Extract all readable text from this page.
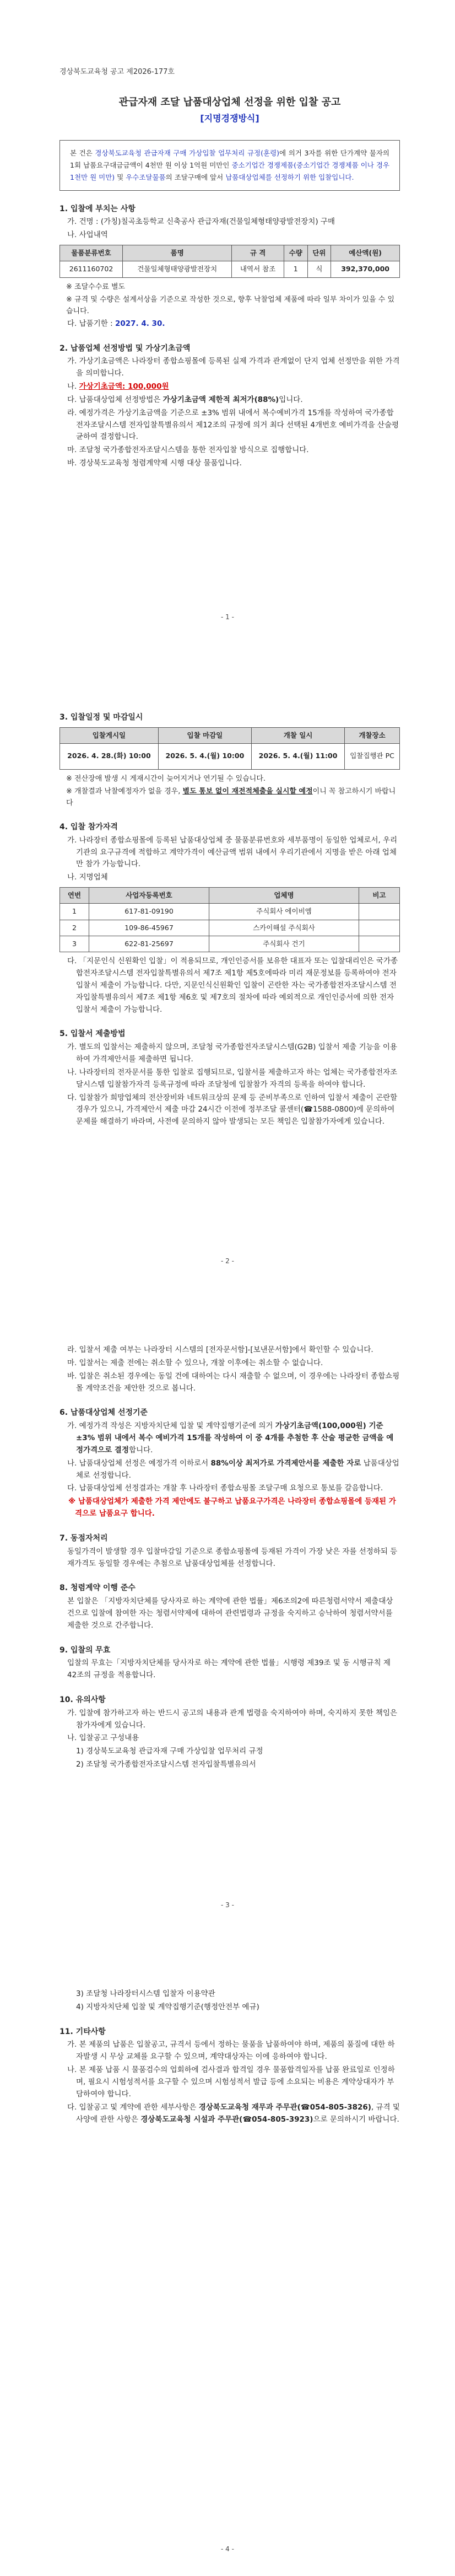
경상북도교육청 공고 제2026-177호
관급자재 조달 납품대상업체 선정을 위한 입찰 공고
[지명경쟁방식]
본 건은 경상북도교육청 관급자재 구매 가상입찰 업무처리 규정(훈령)에 의거 3자를 위한 단가계약 물자의 1회 납품요구대금금액이 4천만 원 이상 1억원 미만인 중소기업간 경쟁제품(중소기업간 경쟁제품 이나 경우 1천만 원 미만) 및 우수조달물품의 조달구매에 앞서 납품대상업체를 선정하기 위한 입찰입니다.
1. 입찰에 부치는 사항
가. 건명 : (가칭)칠곡초등학교 신축공사 관급자재(건물일체형태양광발전장치) 구매
나. 사업내역
물품분류번호	품명	규 격	수량	단위	예산액(원)
2611160702	건물일체형태양광발전장치	내역서 참조	1	식	392,370,000
※ 조달수수료 별도
※ 규격 및 수량은 설계서상을 기준으로 작성한 것으로, 향후 낙찰업체 제품에 따라 일부 차이가 있을 수 있습니다.
다. 납품기한 : 2027. 4. 30.
2. 납품업체 선정방법 및 가상기초금액
가. 가상기초금액은 나라장터 종합쇼핑몰에 등록된 실제 가격과 관계없이 단지 업체 선정만을 위한 가격을 의미합니다.
나. 가상기초금액: 100,000원
다. 납품대상업체 선정방법은 가상기초금액 제한적 최저가(88%)입니다.
라. 예정가격은 가상기초금액을 기준으로 ±3% 범위 내에서 복수예비가격 15개를 작성하여 국가종합전자조달시스템 전자입찰특별유의서 제12조의 규정에 의거 최다 선택된 4개번호 예비가격을 산술평균하여 결정합니다.
마. 조달청 국가종합전자조달시스템을 통한 전자입찰 방식으로 집행합니다.
바. 경상북도교육청 청렴계약제 시행 대상 물품입니다.
- 1 -
3. 입찰일정 및 마감일시
입찰게시일	입찰 마감일	개찰 일시	개찰장소
2026. 4. 28.(화) 10:00	2026. 5. 4.(월) 10:00	2026. 5. 4.(월) 11:00	입찰집행관 PC
※ 전산장애 발생 시 게재시간이 늦어지거나 연기될 수 있습니다.
※ 개찰결과 낙찰예정자가 없을 경우, 별도 통보 없이 재전적체출을 실시할 예정이니 꼭 참고하시기 바랍니다
4. 입찰 참가자격
가. 나라장터 종합쇼핑몰에 등록된 납품대상업체 중 물품분류번호와 세부품명이 동일한 업체로서, 우리기관의 요구규격에 적합하고 계약가격이 예산금액 범위 내에서 우리기관에서 지명을 받은 아래 업체만 참가 가능합니다.
나. 지명업체
연번	사업자등록번호	업체명	비고
1	617-81-09190	주식회사 에이비엠	
2	109-86-45967	스카이해설 주식회사	
3	622-81-25697	주식회사 건기	
다. 「지문인식 신원확인 입찰」이 적용되므로, 개인인증서를 보유한 대표자 또는 입찰대리인은 국가종합전자조달시스템 전자입찰특별유의서 제7조 제1항 제5호에따라 미리 재문정보를 등록하여야 전자입찰서 제출이 가능합니다. 다만, 지문인식신원확인 입찰이 곤란한 자는 국가종합전자조달시스템 전자입찰특별유의서 제7조 제1항 제6호 및 제7호의 절차에 따라 예외적으로 개인인증서에 의한 전자입찰서 제출이 가능합니다.
5. 입찰서 제출방법
가. 별도의 입찰서는 제출하지 않으며, 조달청 국가종합전자조달시스템(G2B) 입찰서 제출 기능을 이용하여 가격제안서를 제출하면 됩니다.
나. 나라장터의 전자문서를 통한 입찰로 집행되므로, 입찰서를 제출하고자 하는 업체는 국가종합전자조달시스템 입찰참가자격 등록규정에 따라 조달청에 입찰참가 자격의 등록을 하여야 합니다.
다. 입찰참가 희망업체의 전산장비와 네트워크상의 문제 등 준비부족으로 인하여 입찰서 제출이 곤란할 경우가 있으니, 가격제안서 제출 마감 24시간 이전에 정부조달 콜센터(☎1588-0800)에 문의하여 문제를 해결하기 바라며, 사전에 문의하지 않아 발생되는 모든 책임은 입찰참가자에게 있습니다.
- 2 -
라. 입찰서 제출 여부는 나라장터 시스템의 [전자문서함]-[보낸문서함]에서 확인할 수 있습니다.
마. 입찰서는 제출 전에는 취소할 수 있으나, 개찰 이후에는 취소할 수 없습니다.
바. 입찰은 취소된 경우에는 동일 건에 대하여는 다시 재출할 수 없으며, 이 경우에는 나라장터 종합쇼핑몰 계약조건을 제안한 것으로 봅니다.
6. 납품대상업체 선정기준
가. 예정가격 작성은 지방자치단체 입찰 및 계약집행기준에 의거 가상기초금액(100,000원) 기준 ±3% 범위 내에서 복수 예비가격 15개를 작성하여 이 중 4개를 추첨한 후 산술 평균한 금액을 예정가격으로 결정합니다.
나. 납품대상업체 선정은 예정가격 이하로서 88%이상 최저가로 가격제안서를 제출한 자로 납품대상업체로 선정합니다.
다. 납품대상업체 선정결과는 개찰 후 나라장터 종합쇼핑몰 조달구매 요청으로 통보를 갈음합니다.
※ 납품대상업체가 제출한 가격 제안에도 불구하고 납품요구가격은 나라장터 종합쇼핑몰에 등재된 가격으로 납품요구 합니다.
7. 동점자처리
동일가격이 발생할 경우 입찰마감일 기준으로 종합쇼핑몰에 등재된 가격이 가장 낮은 자를 선정하되 등재가격도 동일할 경우에는 추첨으로 납품대상업체를 선정합니다.
8. 청렴계약 이행 준수
본 입찰은 「지방자치단체를 당사자로 하는 계약에 관한 법률」제6조의2에 따른청렴서약서 제출대상 건으로 입찰에 참여한 자는 청렴서약제에 대하여 관련법령과 규정을 숙지하고 승낙하여 청렴서약서를 제출한 것으로 간주합니다.
9. 입찰의 무효
입찰의 무효는「지방자치단체를 당사자로 하는 계약에 관한 법률」시행령 제39조 및 동 시행규칙 제42조의 규정을 적용합니다.
10. 유의사항
가. 입찰에 참가하고자 하는 반드시 공고의 내용과 관계 법령을 숙지하여야 하며, 숙지하지 못한 책임은 참가자에게 있습니다.
나. 입찰공고 구성내용
1) 경상북도교육청 관급자재 구매 가상입찰 업무처리 규정
2) 조달청 국가종합전자조달시스템 전자입찰특별유의서
- 3 -
3) 조달청 나라장터시스템 입찰자 이용약관
4) 지방자치단체 입찰 및 계약집행기준(행정안전부 예규)
11. 기타사항
가. 본 제품의 납품은 입찰공고, 규격서 등에서 정하는 물품을 납품하여야 하며, 제품의 품질에 대한 하자발생 시 무상 교체를 요구할 수 있으며, 계약대상자는 이에 응하여야 합니다.
나. 본 제품 납품 시 물품검수의 업회하에 검사결과 합격일 경우 물품합격일자를 납품 완료일로 인정하며, 필요시 시험성적서를 요구할 수 있으며 시험성적서 발급 등에 소요되는 비용은 계약상대자가 부담하여야 합니다.
다. 입찰공고 및 계약에 관한 세부사항은 경상북도교육청 재무과 주무관(☎054-805-3826), 규격 및 사양에 관한 사항은 경상북도교육청 시설과 주무관(☎054-805-3923)으로 문의하시기 바랍니다.
- 4 -
